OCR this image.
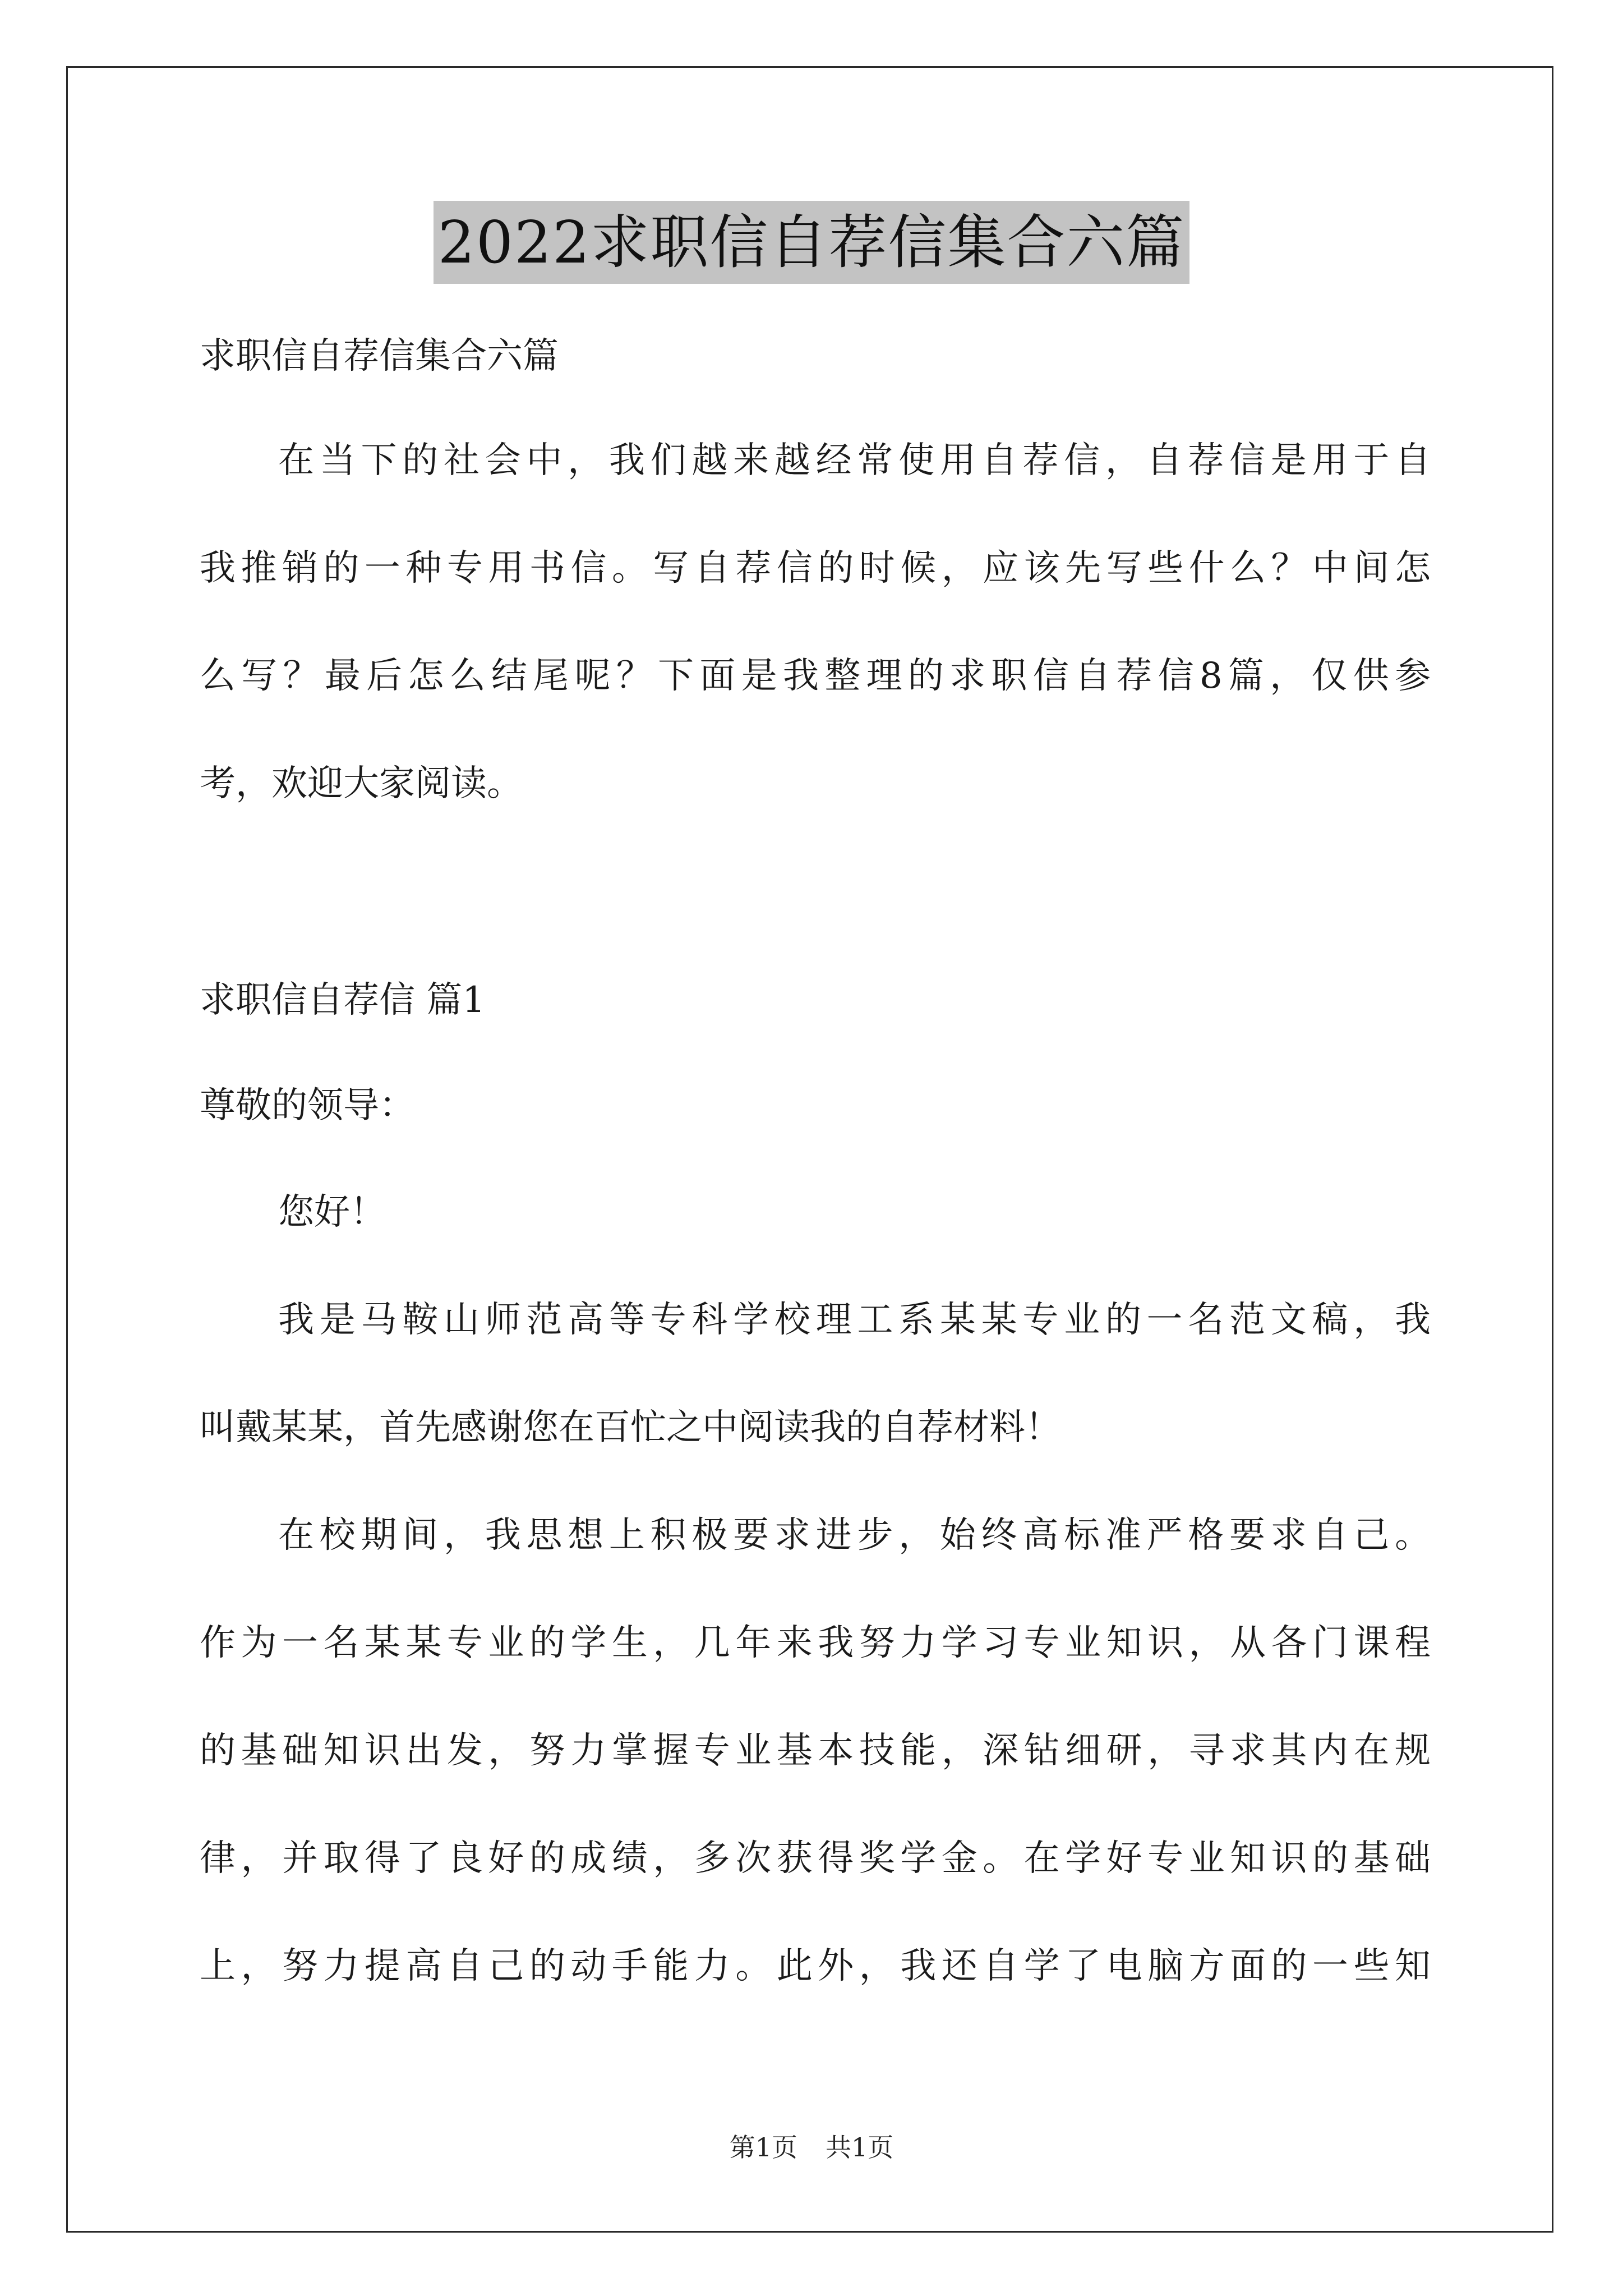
2022求职信自荐信集合六篇
求职信自荐信集合六篇
在当下的社会中，我们越来越经常使用自荐信，自荐信是用于自
我推销的一种专用书信。写自荐信的时候，应该先写些什么？中间怎
么写？最后怎么结尾呢？下面是我整理的求职信自荐信8篇，仅供参
考，欢迎大家阅读。
求职信自荐信 篇1
尊敬的领导：
您好！
我是马鞍山师范高等专科学校理工系某某专业的一名范文稿，我
叫戴某某，首先感谢您在百忙之中阅读我的自荐材料！
在校期间，我思想上积极要求进步，始终高标准严格要求自己。
作为一名某某专业的学生，几年来我努力学习专业知识，从各门课程
的基础知识出发，努力掌握专业基本技能，深钻细研，寻求其内在规
律，并取得了良好的成绩，多次获得奖学金。在学好专业知识的基础
上，努力提高自己的动手能力。此外，我还自学了电脑方面的一些知
第1页 共1页
